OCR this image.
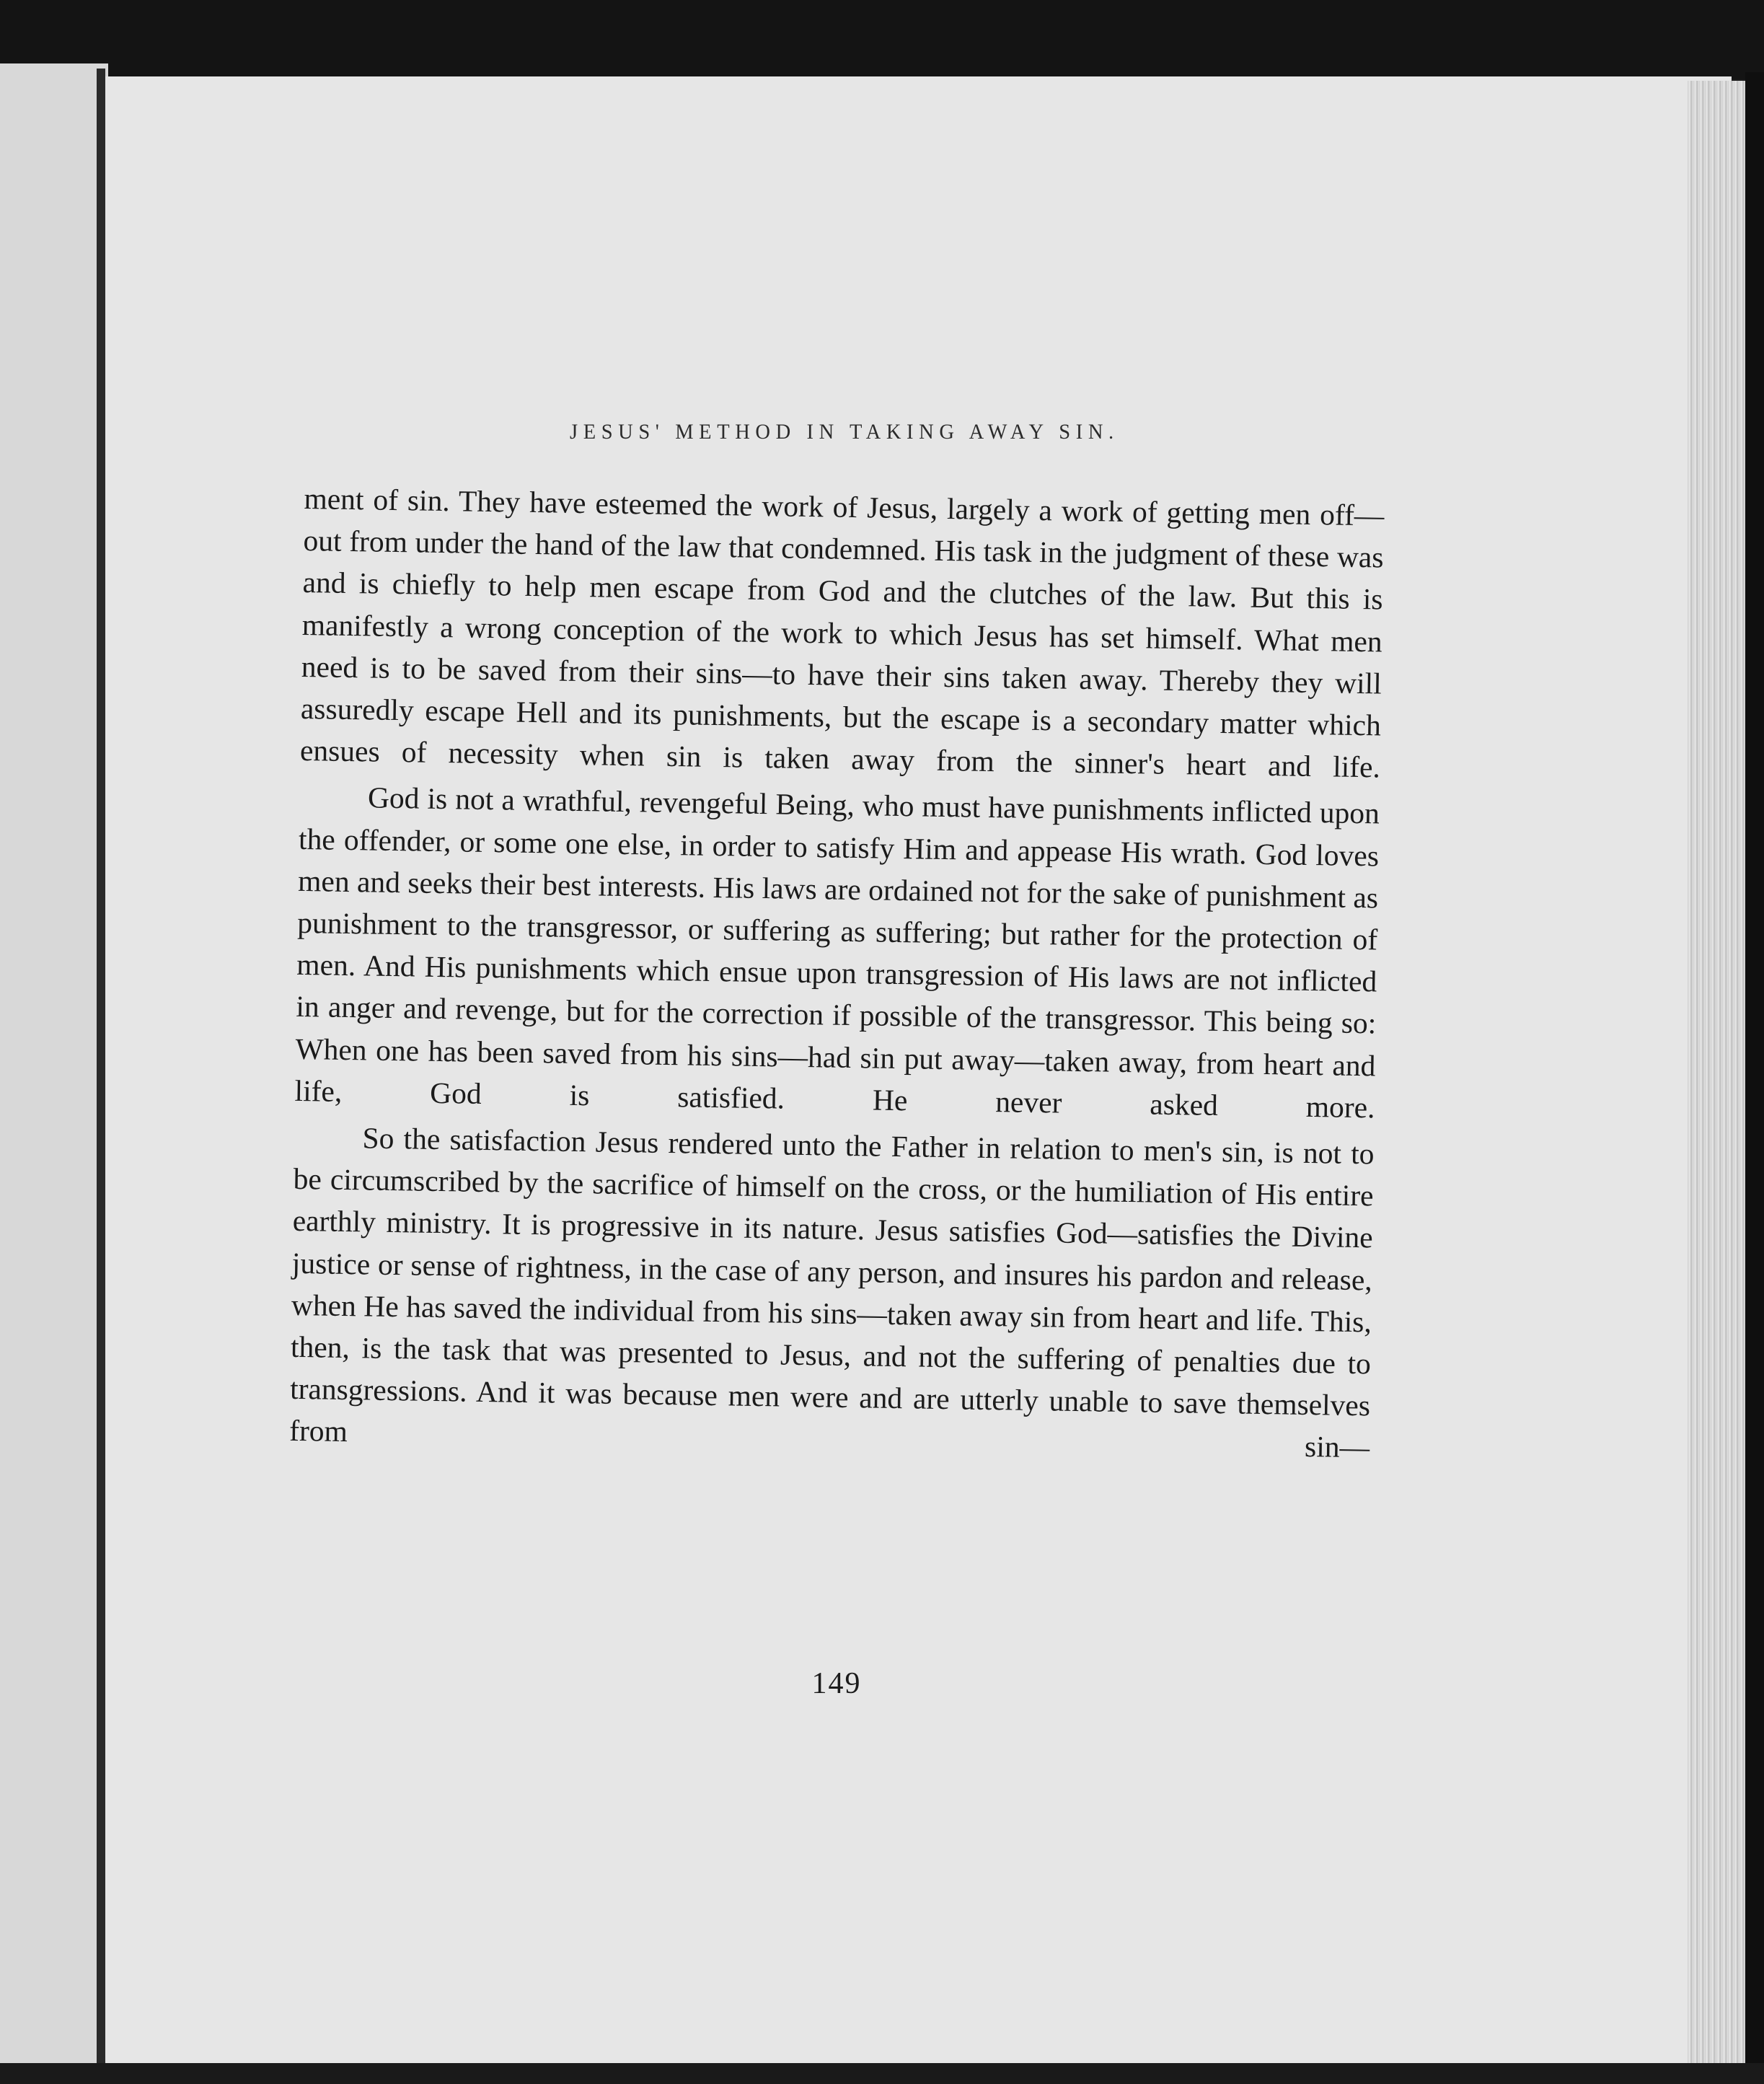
JESUS' METHOD IN TAKING AWAY SIN.

ment of sin. They have esteemed the work of Jesus, largely a work of getting men off—out from under the hand of the law that condemned. His task in the judgment of these was and is chiefly to help men escape from God and the clutches of the law. But this is manifestly a wrong conception of the work to which Jesus has set himself. What men need is to be saved from their sins—to have their sins taken away. Thereby they will assuredly escape Hell and its punishments, but the escape is a secondary matter which ensues of necessity when sin is taken away from the sinner's heart and life.

God is not a wrathful, revengeful Being, who must have punishments inflicted upon the offender, or some one else, in order to satisfy Him and appease His wrath. God loves men and seeks their best interests. His laws are ordained not for the sake of punishment as punishment to the transgressor, or suffering as suffering; but rather for the protection of men. And His punishments which ensue upon transgression of His laws are not inflicted in anger and revenge, but for the correction if possible of the transgressor. This being so: When one has been saved from his sins—had sin put away—taken away, from heart and life, God is satisfied. He never asked more.

So the satisfaction Jesus rendered unto the Father in relation to men's sin, is not to be circumscribed by the sacrifice of himself on the cross, or the humiliation of His entire earthly ministry. It is progressive in its nature. Jesus satisfies God—satisfies the Divine justice or sense of rightness, in the case of any person, and insures his pardon and release, when He has saved the individual from his sins—taken away sin from heart and life. This, then, is the task that was presented to Jesus, and not the suffering of penalties due to transgressions. And it was because men were and are utterly unable to save themselves from sin—

149
